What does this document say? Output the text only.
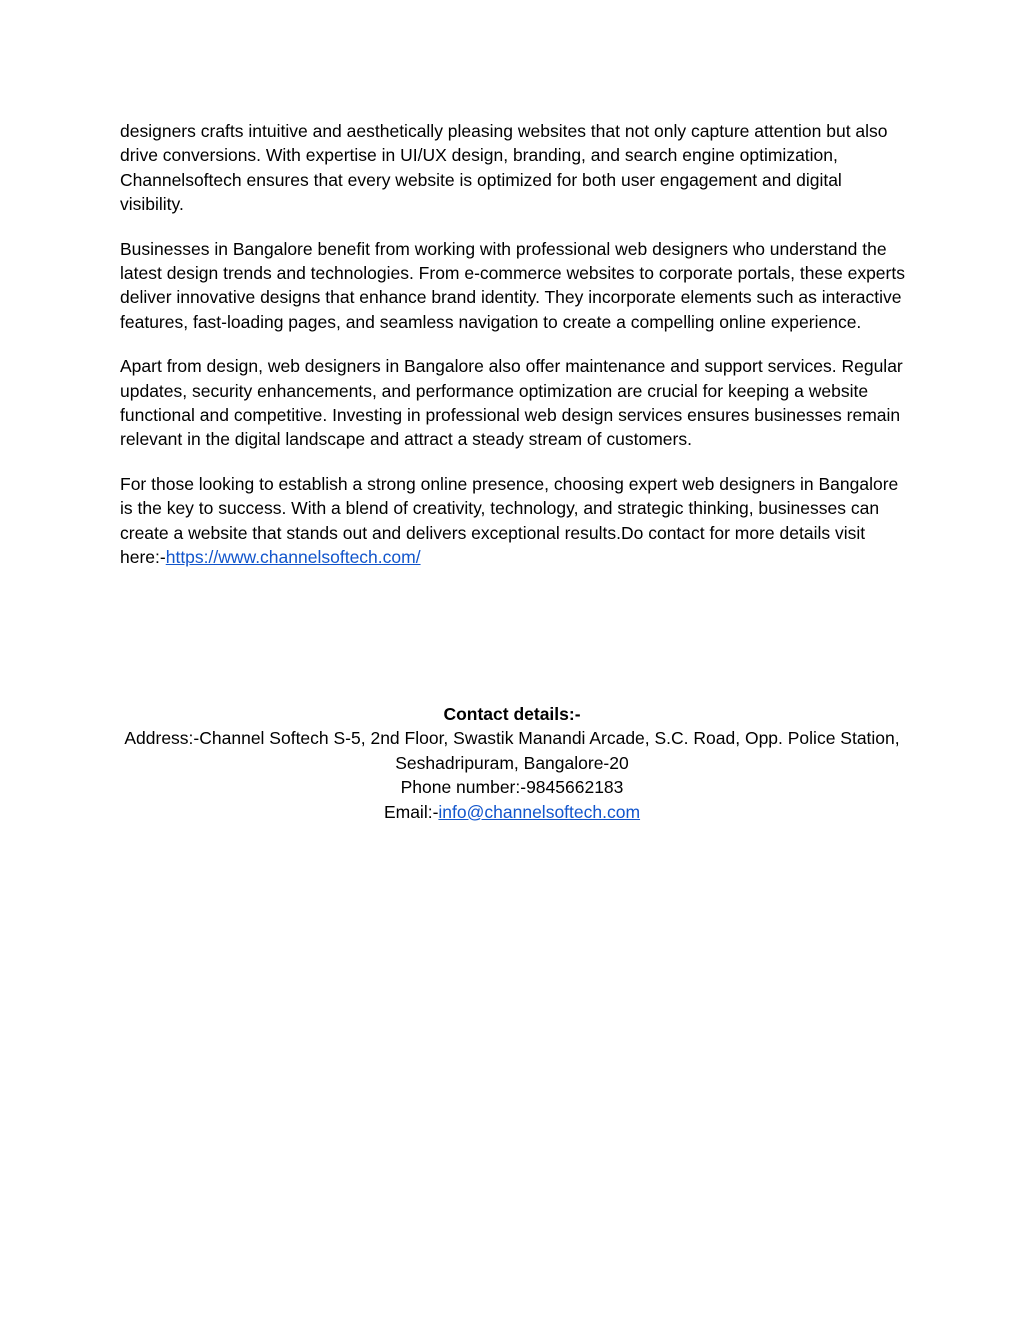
designers crafts intuitive and aesthetically pleasing websites that not only capture attention but also drive conversions. With expertise in UI/UX design, branding, and search engine optimization, Channelsoftech ensures that every website is optimized for both user engagement and digital visibility.

Businesses in Bangalore benefit from working with professional web designers who understand the latest design trends and technologies. From e-commerce websites to corporate portals, these experts deliver innovative designs that enhance brand identity. They incorporate elements such as interactive features, fast-loading pages, and seamless navigation to create a compelling online experience.

Apart from design, web designers in Bangalore also offer maintenance and support services. Regular updates, security enhancements, and performance optimization are crucial for keeping a website functional and competitive. Investing in professional web design services ensures businesses remain relevant in the digital landscape and attract a steady stream of customers.

For those looking to establish a strong online presence, choosing expert web designers in Bangalore is the key to success. With a blend of creativity, technology, and strategic thinking, businesses can create a website that stands out and delivers exceptional results.Do contact for more details visit here:-https://www.channelsoftech.com/

Contact details:-
Address:-Channel Softech S-5, 2nd Floor, Swastik Manandi Arcade, S.C. Road, Opp. Police Station, Seshadripuram, Bangalore-20
Phone number:-9845662183
Email:-info@channelsoftech.com
